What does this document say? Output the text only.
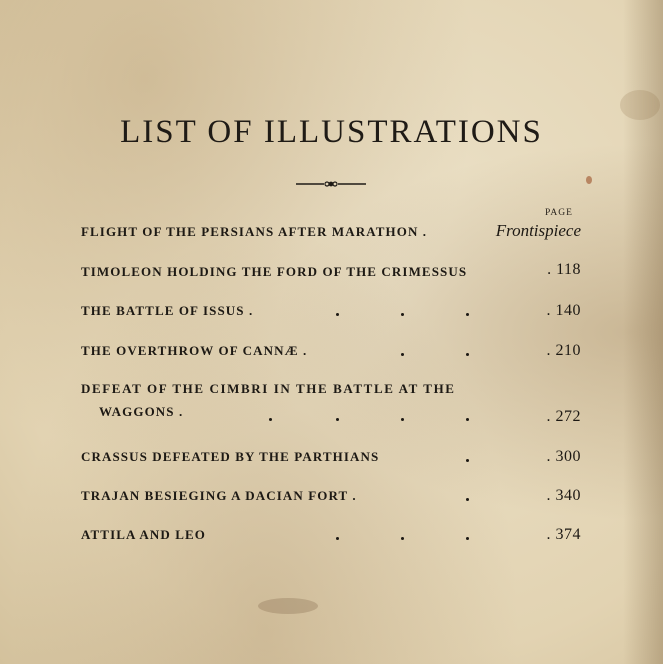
LIST OF ILLUSTRATIONS
PAGE
FLIGHT OF THE PERSIANS AFTER MARATHON .	Frontispiece
TIMOLEON HOLDING THE FORD OF THE CRIMESSUS	. 118
THE BATTLE OF ISSUS .	. 140
THE OVERTHROW OF CANNÆ .	. 210
DEFEAT OF THE CIMBRI IN THE BATTLE AT THE
WAGGONS .	. 272
CRASSUS DEFEATED BY THE PARTHIANS	. 300
TRAJAN BESIEGING A DACIAN FORT .	. 340
ATTILA AND LEO	. 374
